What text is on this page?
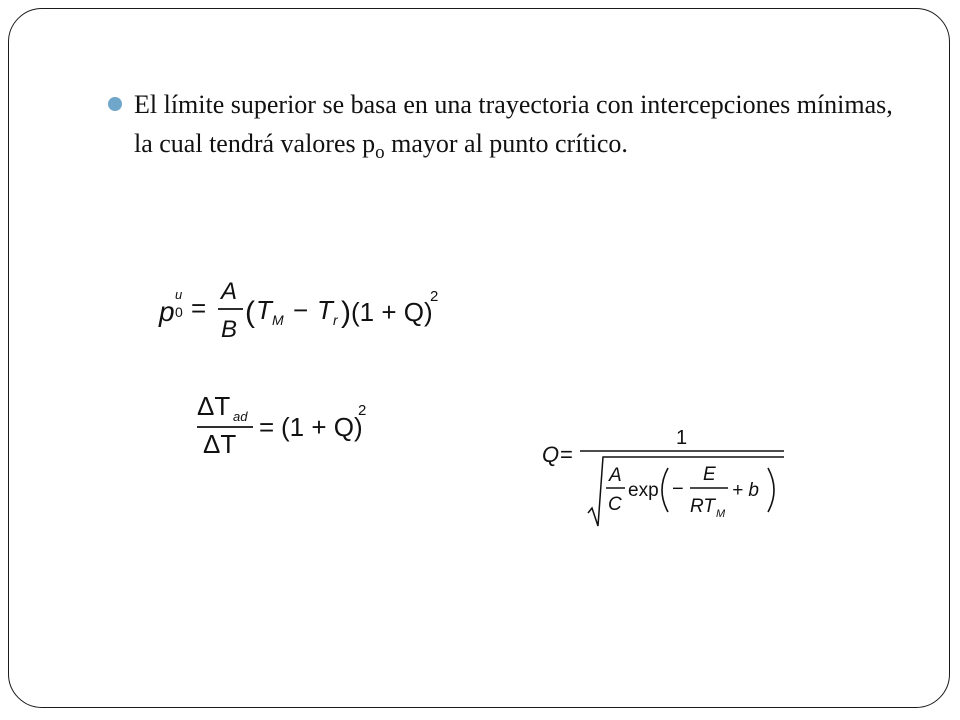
El límite superior se basa en una trayectoria con intercepciones mínimas, la cual tendrá valores $p_o$ mayor al punto crítico.

p
u
0 =
A
B
( T M − T r ) (1 + Q)
2
ΔT ad
ΔT
= (1 + Q)
2
Q =
1
A
C
exp −
E
RT M
+ b
